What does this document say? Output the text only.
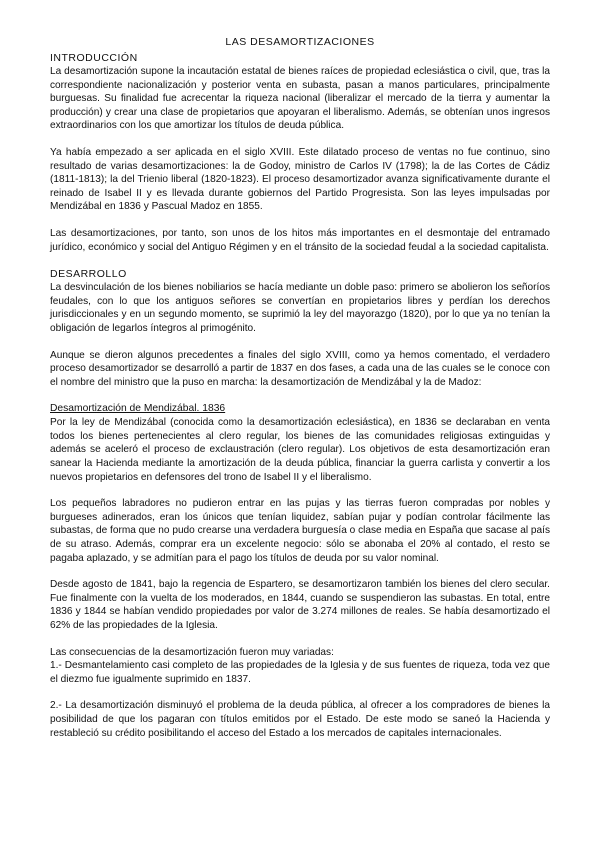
LAS DESAMORTIZACIONES
INTRODUCCIÓN

La desamortización supone la incautación estatal de bienes raíces de propiedad eclesiástica o civil, que, tras la correspondiente nacionalización y posterior venta en subasta, pasan a manos particulares, principalmente burguesas. Su finalidad fue acrecentar la riqueza nacional (liberalizar el mercado de la tierra y aumentar la producción) y crear una clase de propietarios que apoyaran el liberalismo. Además, se obtenían unos ingresos extraordinarios con los que amortizar los títulos de deuda pública.

Ya había empezado a ser aplicada en el siglo XVIII. Este dilatado proceso de ventas no fue continuo, sino resultado de varias desamortizaciones: la de Godoy, ministro de Carlos IV (1798); la de las Cortes de Cádiz (1811-1813); la del Trienio liberal (1820-1823). El proceso desamortizador avanza significativamente durante el reinado de Isabel II y es llevada durante gobiernos del Partido Progresista. Son las leyes impulsadas por Mendizábal en 1836 y Pascual Madoz en 1855.

Las desamortizaciones, por tanto, son unos de los hitos más importantes en el desmontaje del entramado jurídico, económico y social del Antiguo Régimen y en el tránsito de la sociedad feudal a la sociedad capitalista.

DESARROLLO

La desvinculación de los bienes nobiliarios se hacía mediante un doble paso: primero se abolieron los señoríos feudales, con lo que los antiguos señores se convertían en propietarios libres y perdían los derechos jurisdiccionales y en un segundo momento, se suprimió la ley del mayorazgo (1820), por lo que ya no tenían la obligación de legarlos íntegros al primogénito.

Aunque se dieron algunos precedentes a finales del siglo XVIII, como ya hemos comentado, el verdadero proceso desamortizador se desarrolló a partir de 1837 en dos fases, a cada una de las cuales se le conoce con el nombre del ministro que la puso en marcha: la desamortización de Mendizábal y la de Madoz:

Desamortización de Mendizábal. 1836

Por la ley de Mendizábal (conocida como la desamortización eclesiástica), en 1836 se declaraban en venta todos los bienes pertenecientes al clero regular, los bienes de las comunidades religiosas extinguidas y además se aceleró el proceso de exclaustración (clero regular). Los objetivos de esta desamortización eran sanear la Hacienda mediante la amortización de la deuda pública, financiar la guerra carlista y convertir a los nuevos propietarios en defensores del trono de Isabel II y el liberalismo.

Los pequeños labradores no pudieron entrar en las pujas y las tierras fueron compradas por nobles y burgueses adinerados, eran los únicos que tenían liquidez, sabían pujar y podían controlar fácilmente las subastas, de forma que no pudo crearse una verdadera burguesía o clase media en España que sacase al país de su atraso. Además, comprar era un excelente negocio: sólo se abonaba el 20% al contado, el resto se pagaba aplazado, y se admitían para el pago los títulos de deuda por su valor nominal.

Desde agosto de 1841, bajo la regencia de Espartero, se desamortizaron también los bienes del clero secular. Fue finalmente con la vuelta de los moderados, en 1844, cuando se suspendieron las subastas. En total, entre 1836 y 1844 se habían vendido propiedades por valor de 3.274 millones de reales. Se había desamortizado el 62% de las propiedades de la Iglesia.

Las consecuencias de la desamortización fueron muy variadas:

1.- Desmantelamiento casi completo de las propiedades de la Iglesia y de sus fuentes de riqueza, toda vez que el diezmo fue igualmente suprimido en 1837.

2.- La desamortización disminuyó el problema de la deuda pública, al ofrecer a los compradores de bienes la posibilidad de que los pagaran con títulos emitidos por el Estado. De este modo se saneó la Hacienda y restableció su crédito posibilitando el acceso del Estado a los mercados de capitales internacionales.
